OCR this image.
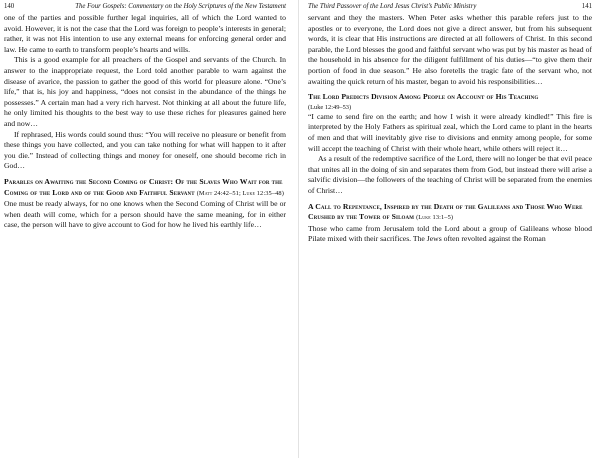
140	The Four Gospels: Commentary on the Holy Scriptures of the New Testament

one of the parties and possible further legal inquiries, all of which the Lord wanted to avoid. However, it is not the case that the Lord was foreign to people’s interests in general; rather, it was not His intention to use any external means for enforcing general order and law. He came to earth to transform people’s hearts and wills.

This is a good example for all preachers of the Gospel and servants of the Church. In answer to the inappropriate request, the Lord told another parable to warn against the disease of avarice, the passion to gather the good of this world for pleasure alone. “One’s life,” that is, his joy and happiness, “does not consist in the abundance of the things he possesses.” A certain man had a very rich harvest. Not thinking at all about the future life, he only limited his thoughts to the best way to use these riches for pleasures gained here and now…

If rephrased, His words could sound thus: “You will receive no pleasure or benefit from these things you have collected, and you can take nothing for what will happen to it after you die.” Instead of collecting things and money for oneself, one should become rich in God…

Parables on Awaiting the Second Coming of Christ: Of the Slaves Who Wait for the Coming of the Lord and of the Good and Faithful Servant (Matt 24:42–51; Luke 12:35–48)

One must be ready always, for no one knows when the Second Coming of Christ will be or when death will come, which for a person should have the same meaning, for in either case, the person will have to give account to God for how he lived his earthly life…

The Third Passover of the Lord Jesus Christ’s Public Ministry	141

servant and they the masters. When Peter asks whether this parable refers just to the apostles or to everyone, the Lord does not give a direct answer, but from his subsequent words, it is clear that His instructions are directed at all followers of Christ. In this second parable, the Lord blesses the good and faithful servant who was put by his master as head of the household in his absence for the diligent fulfillment of his duties—“to give them their portion of food in due season.” He also foretells the tragic fate of the servant who, not awaiting the quick return of his master, began to avoid his responsibilities…

The Lord Predicts Division Among People on Account of His Teaching

(Luke 12:49–53)

“I came to send fire on the earth; and how I wish it were already kindled!” This fire is interpreted by the Holy Fathers as spiritual zeal, which the Lord came to plant in the hearts of men and that will inevitably give rise to divisions and enmity among people, for some will accept the teaching of Christ with their whole heart, while others will reject it…

As a result of the redemptive sacrifice of the Lord, there will no longer be that evil peace that unites all in the doing of sin and separates them from God, but instead there will arise a salvific division—the followers of the teaching of Christ will be separated from the enemies of Christ…

A Call to Repentance, Inspired by the Death of the Galileans and Those Who Were Crushed by the Tower of Siloam (Luke 13:1–5)

Those who came from Jerusalem told the Lord about a group of Galileans whose blood Pilate mixed with their sacrifices. The Jews often revolted against the Roman
